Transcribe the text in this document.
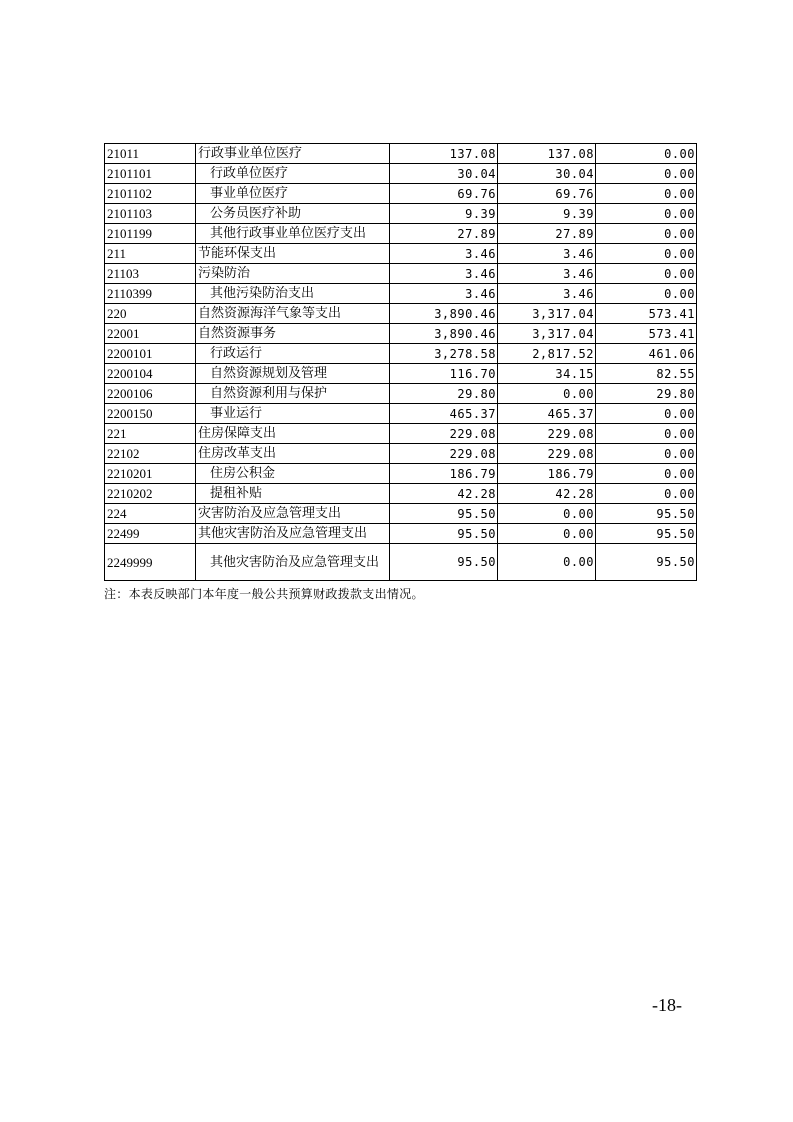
21011	行政事业单位医疗	137.08	137.08	0.00
2101101	行政单位医疗	30.04	30.04	0.00
2101102	事业单位医疗	69.76	69.76	0.00
2101103	公务员医疗补助	9.39	9.39	0.00
2101199	其他行政事业单位医疗支出	27.89	27.89	0.00
211	节能环保支出	3.46	3.46	0.00
21103	污染防治	3.46	3.46	0.00
2110399	其他污染防治支出	3.46	3.46	0.00
220	自然资源海洋气象等支出	3,890.46	3,317.04	573.41
22001	自然资源事务	3,890.46	3,317.04	573.41
2200101	行政运行	3,278.58	2,817.52	461.06
2200104	自然资源规划及管理	116.70	34.15	82.55
2200106	自然资源利用与保护	29.80	0.00	29.80
2200150	事业运行	465.37	465.37	0.00
221	住房保障支出	229.08	229.08	0.00
22102	住房改革支出	229.08	229.08	0.00
2210201	住房公积金	186.79	186.79	0.00
2210202	提租补贴	42.28	42.28	0.00
224	灾害防治及应急管理支出	95.50	0.00	95.50
22499	其他灾害防治及应急管理支出	95.50	0.00	95.50
2249999	其他灾害防治及应急管理支出	95.50	0.00	95.50
注：本表反映部门本年度一般公共预算财政拨款支出情况。
-18-
